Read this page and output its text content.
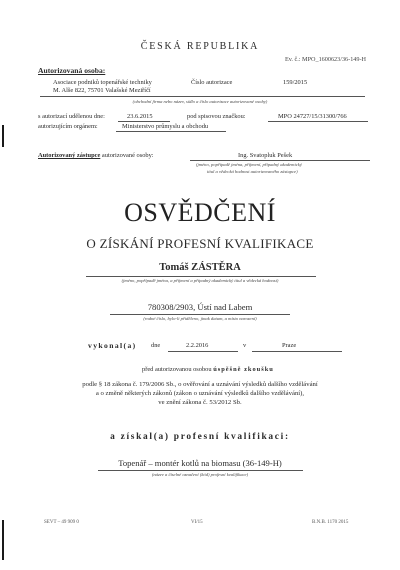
ČESKÁ REPUBLIKA
Ev. č.: MPO_1600623/36-149-H
Autorizovaná osoba:
Asociace podniků topenářské techniky
M. Alše 822, 75701 Valašské Meziříčí
Číslo autorizace	159/2015
(obchodní firma nebo název, sídlo a číslo autorizace autorizované osoby)
s autorizací udělenou dne:	23.6.2015	pod spisovou značkou:	MPO 24727/15/31300/766
autorizujícím orgánem:	Ministerstvo průmyslu a obchodu
Autorizovaný zástupce autorizované osoby:	Ing. Svatopluk Pešek
(jméno, popřípadě jména, příjmení, případný akademický
titul a vědecká hodnost autorizovaného zástupce)
OSVĚDČENÍ
O ZÍSKÁNÍ PROFESNÍ KVALIFIKACE
Tomáš ZÁSTĚRA
(jméno, popřípadě jména, a příjmení a případný akademický titul a vědecká hodnost)
780308/2903, Ústí nad Labem
(rodné číslo, bylo-li přiděleno, jinak datum, a místo narození)
vykonal(a) dne	2.2.2016	v	Praze
před autorizovanou osobou úspěšně zkoušku
podle § 18 zákona č. 179/2006 Sb., o ověřování a uznávání výsledků dalšího vzdělávání
a o změně některých zákonů (zákon o uznávání výsledků dalšího vzdělávání),
ve znění zákona č. 53/2012 Sb.
a získal(a) profesní kvalifikaci:
Topenář – montér kotlů na biomasu (36-149-H)
(název a číselné označení (kód) profesní kvalifikace)
SEVT – 49 909 0	VI/15	B.N.B. 1170 2015
